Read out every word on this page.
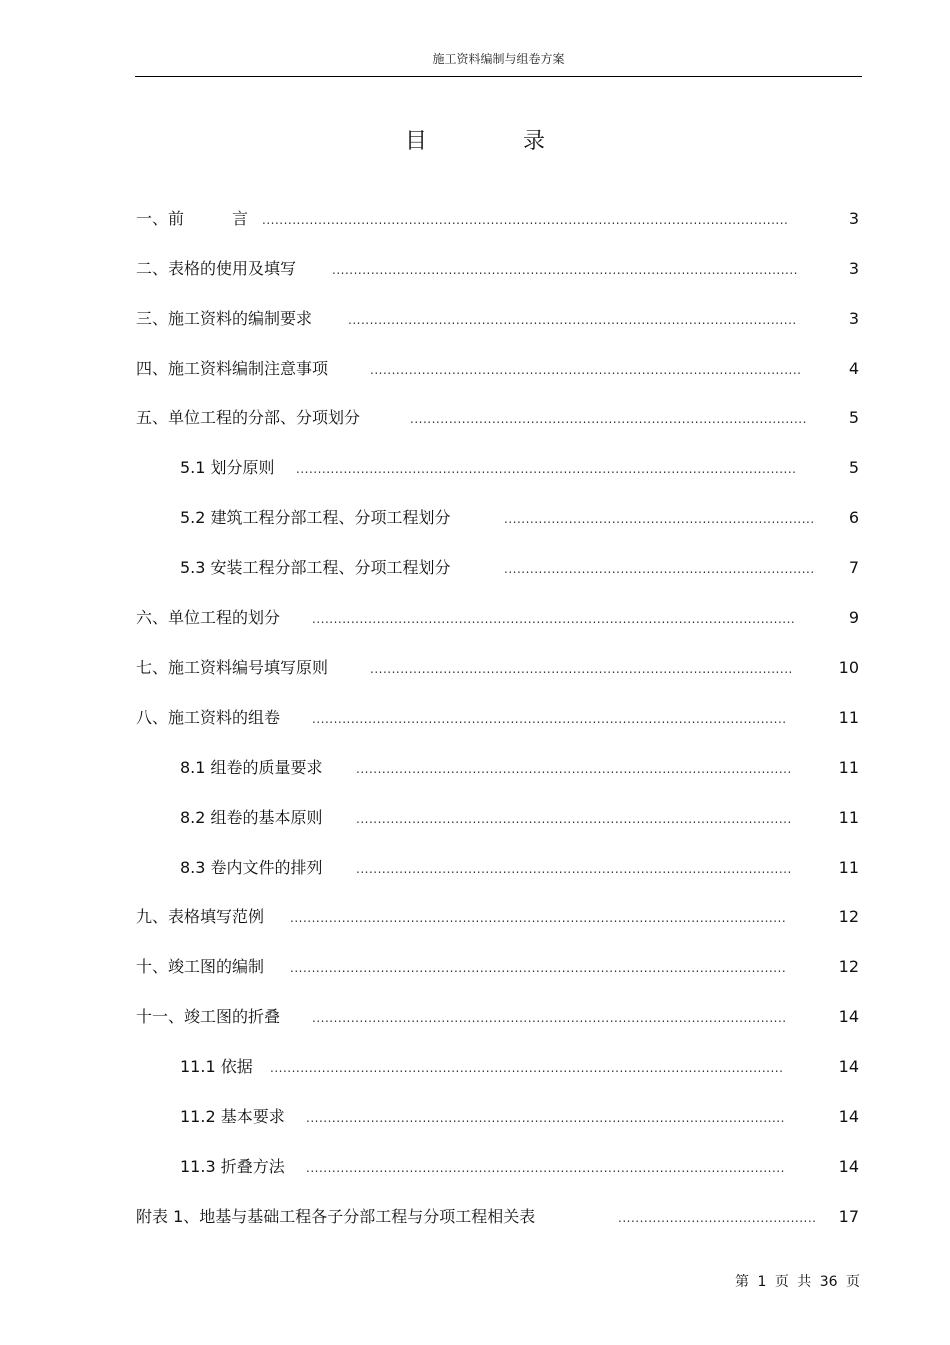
施工资料编制与组卷方案
目	录
一、前　　　言 ..........................................................................................................................	3
二、表格的使用及填写	............................................................................................................	3
三、施工资料的编制要求	........................................................................................................	3
四、施工资料编制注意事项	....................................................................................................	4
五、单位工程的分部、分项划分	............................................................................................	5
5.1 划分原则 ....................................................................................................................	5
5.2 建筑工程分部工程、分项工程划分	........................................................................	6
5.3 安装工程分部工程、分项工程划分	........................................................................	7
六、单位工程的划分	................................................................................................................	9
七、施工资料编号填写原则	..................................................................................................	10
八、施工资料的组卷	..............................................................................................................	11
8.1 组卷的质量要求	.....................................................................................................	11
8.2 组卷的基本原则	.....................................................................................................	11
8.3 卷内文件的排列	.....................................................................................................	11
九、表格填写范例 ...................................................................................................................	12
十、竣工图的编制 ...................................................................................................................	12
十一、竣工图的折叠	..............................................................................................................	14
11.1 依据 .......................................................................................................................	14
11.2 基本要求 ...............................................................................................................	14
11.3 折叠方法 ...............................................................................................................	14
附表 1、地基与基础工程各子分部工程与分项工程相关表	..............................................	17
第 1 页 共 36 页
